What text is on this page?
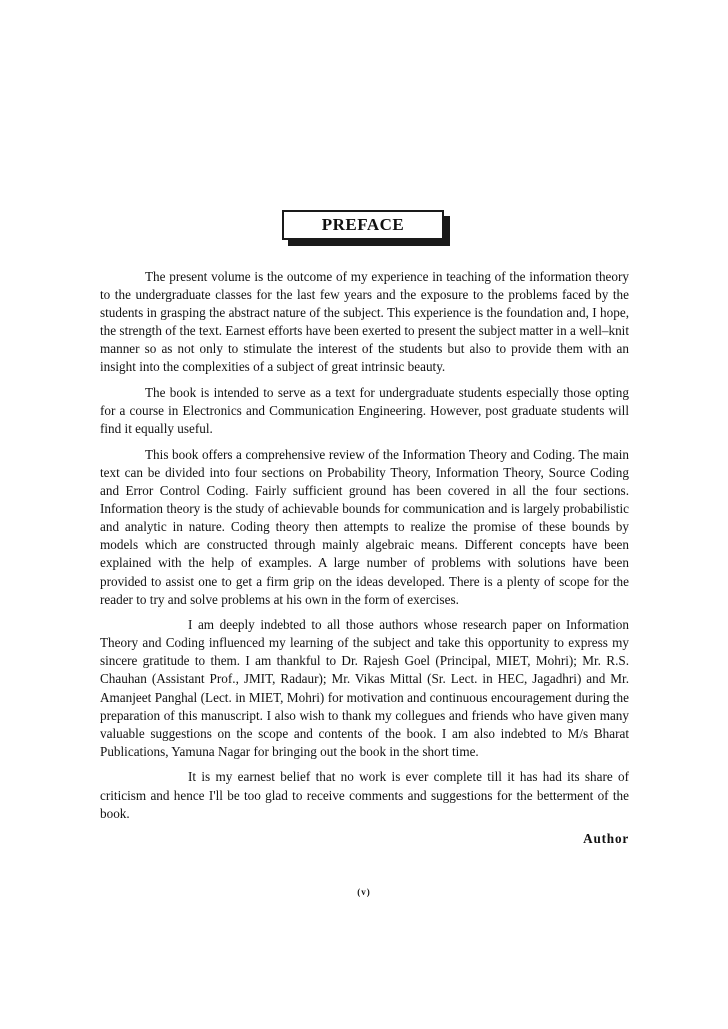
PREFACE

The present volume is the outcome of my experience in teaching of the information theory to the undergraduate classes for the last few years and the exposure to the problems faced by the students in grasping the abstract nature of the subject. This experience is the foundation and, I hope, the strength of the text. Earnest efforts have been exerted to present the subject matter in a well–knit manner so as not only to stimulate the interest of the students but also to provide them with an insight into the complexities of a subject of great intrinsic beauty.

The book is intended to serve as a text for undergraduate students especially those opting for a course in Electronics and Communication Engineering. However, post graduate students will find it equally useful.

This book offers a comprehensive review of the Information Theory and Coding. The main text can be divided into four sections on Probability Theory, Information Theory, Source Coding and Error Control Coding. Fairly sufficient ground has been covered in all the four sections. Information theory is the study of achievable bounds for communication and is largely probabilistic and analytic in nature. Coding theory then attempts to realize the promise of these bounds by models which are constructed through mainly algebraic means. Different concepts have been explained with the help of examples. A large number of problems with solutions have been provided to assist one to get a firm grip on the ideas developed. There is a plenty of scope for the reader to try and solve problems at his own in the form of exercises.

I am deeply indebted to all those authors whose research paper on Information Theory and Coding influenced my learning of the subject and take this opportunity to express my sincere gratitude to them. I am thankful to Dr. Rajesh Goel (Principal, MIET, Mohri); Mr. R.S. Chauhan (Assistant Prof., JMIT, Radaur); Mr. Vikas Mittal (Sr. Lect. in HEC, Jagadhri) and Mr. Amanjeet Panghal (Lect. in MIET, Mohri) for motivation and continuous encouragement during the preparation of this manuscript. I also wish to thank my collegues and friends who have given many valuable suggestions on the scope and contents of the book. I am also indebted to M/s Bharat Publications, Yamuna Nagar for bringing out the book in the short time.

It is my earnest belief that no work is ever complete till it has had its share of criticism and hence I'll be too glad to receive comments and suggestions for the betterment of the book.

Author
(v)
